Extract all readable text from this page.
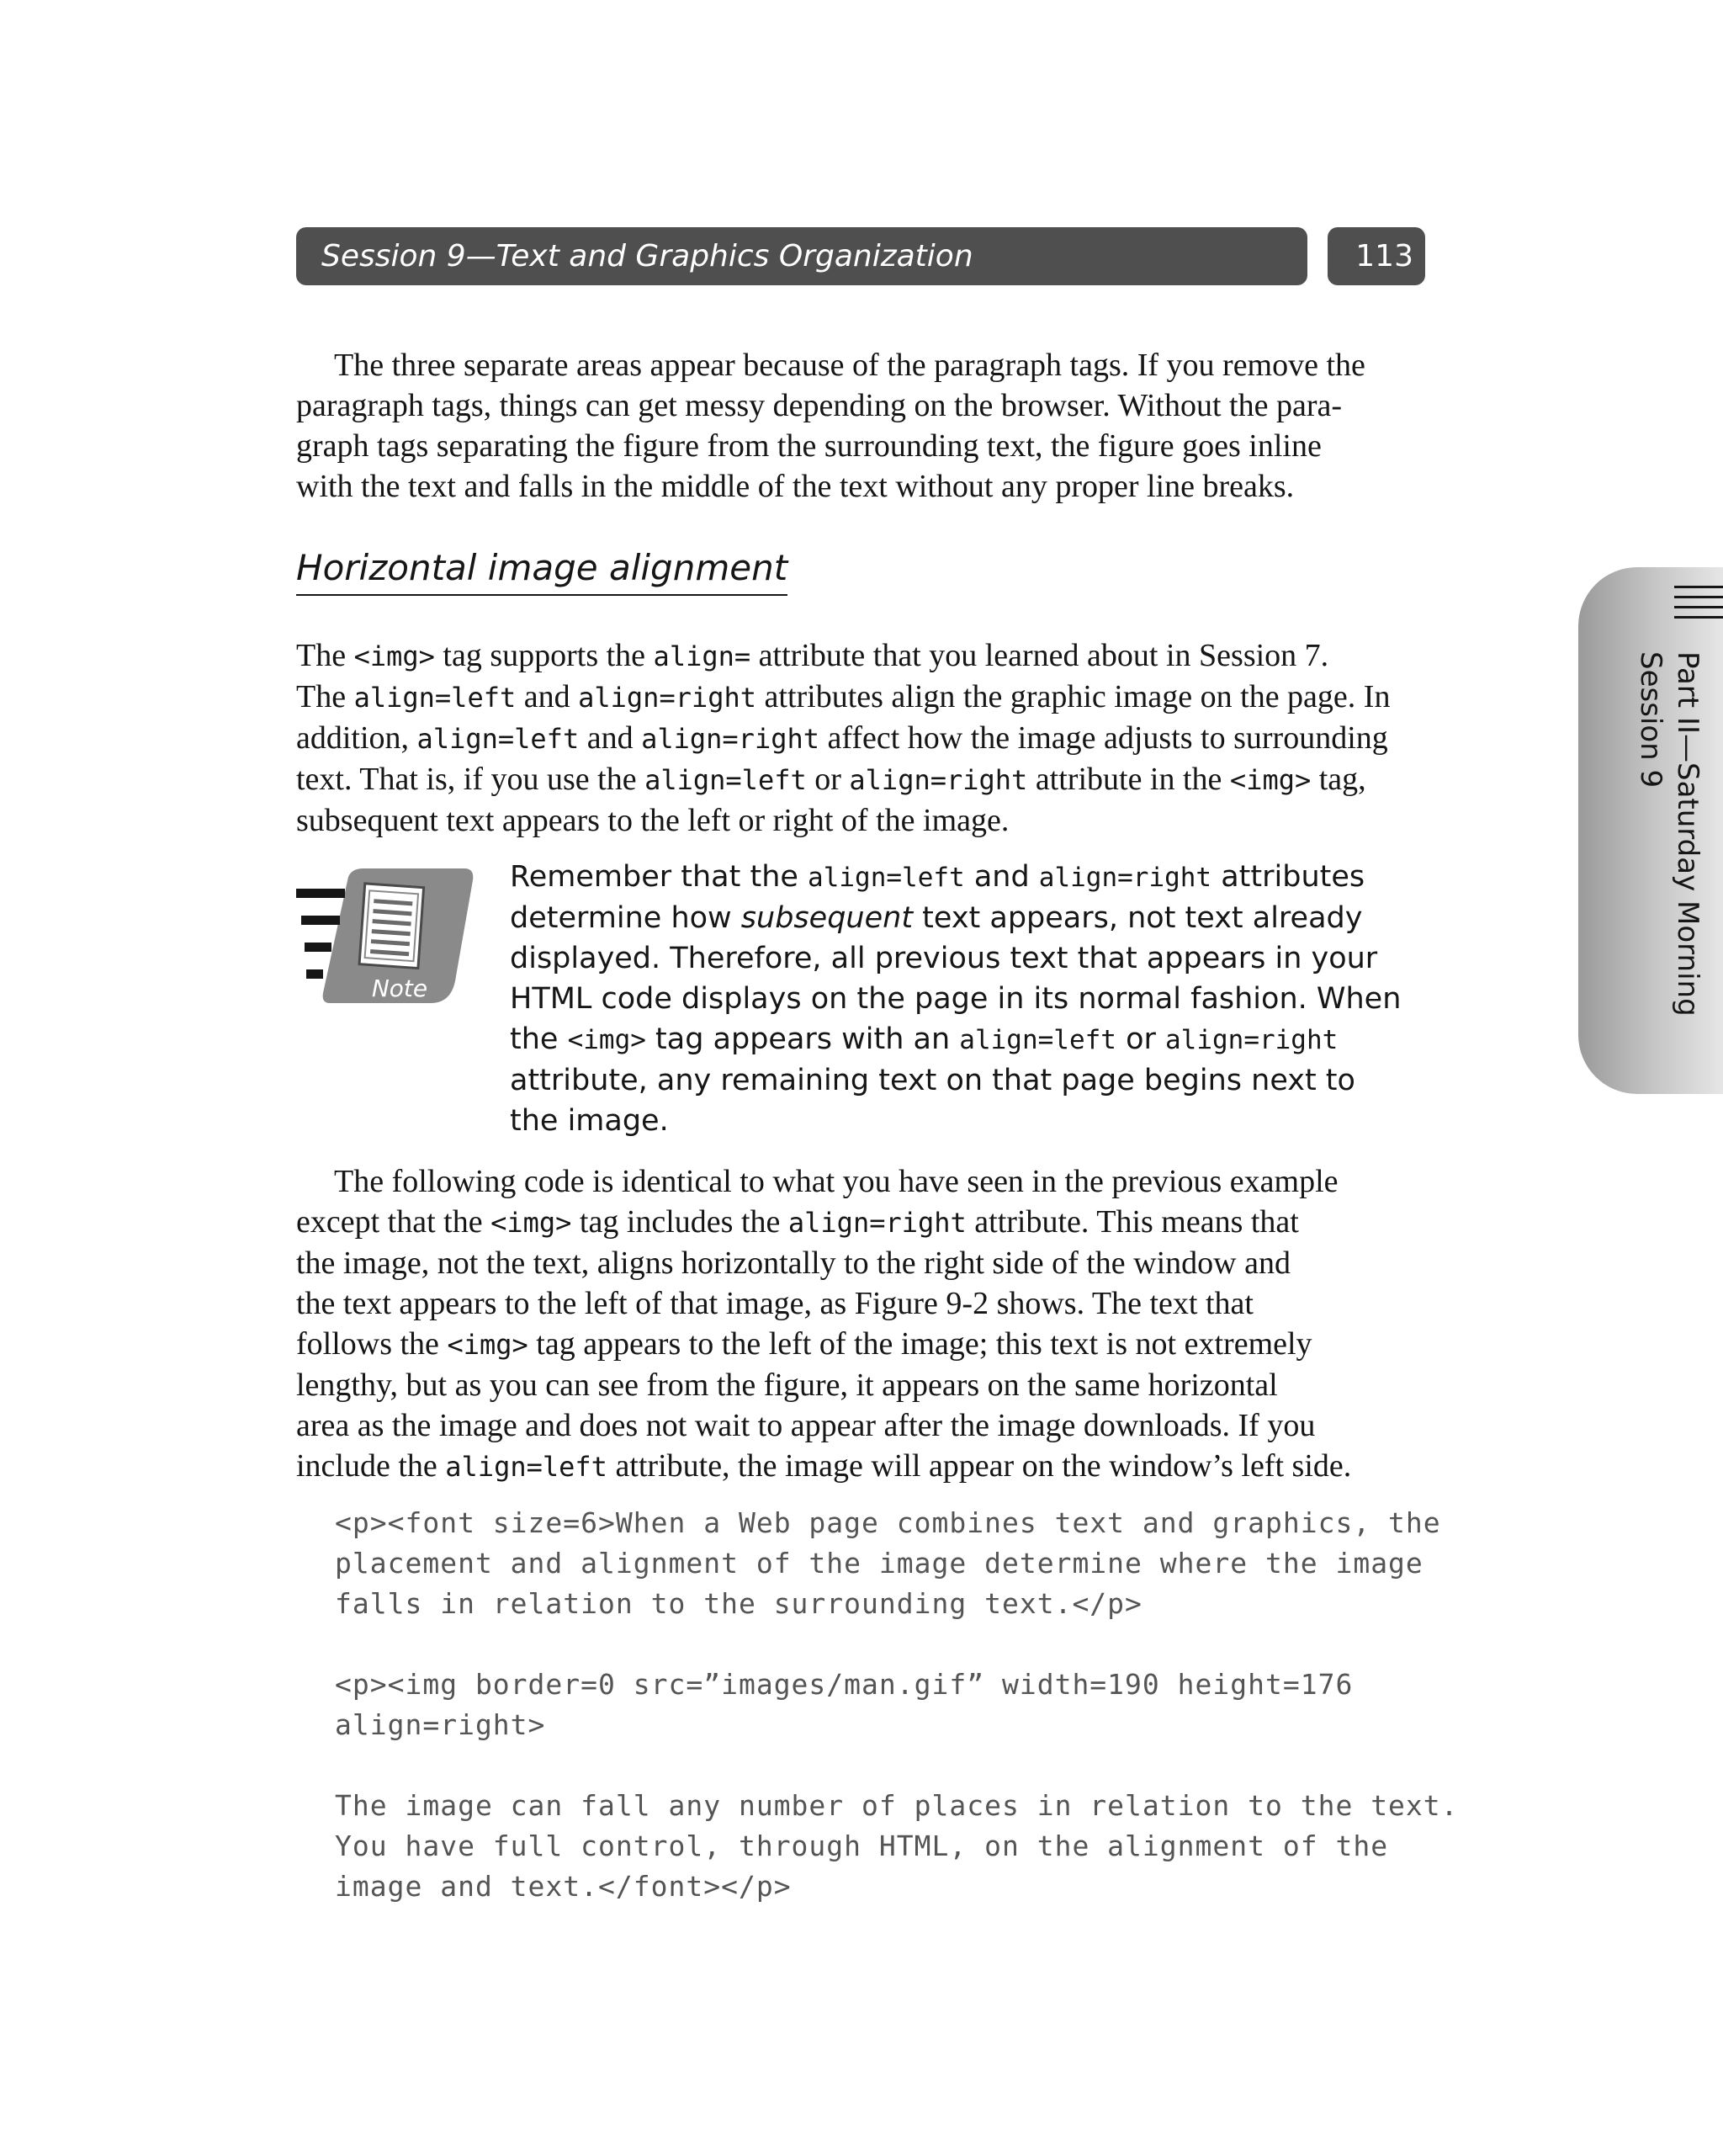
Session 9—Text and Graphics Organization	113
The three separate areas appear because of the paragraph tags. If you remove the
paragraph tags, things can get messy depending on the browser. Without the para-
graph tags separating the figure from the surrounding text, the figure goes inline
with the text and falls in the middle of the text without any proper line breaks.
Horizontal image alignment
The <img> tag supports the align= attribute that you learned about in Session 7.
The align=left and align=right attributes align the graphic image on the page. In
addition, align=left and align=right affect how the image adjusts to surrounding
text. That is, if you use the align=left or align=right attribute in the <img> tag,
subsequent text appears to the left or right of the image.
Note
Remember that the align=left and align=right attributes
determine how subsequent text appears, not text already
displayed. Therefore, all previous text that appears in your
HTML code displays on the page in its normal fashion. When
the <img> tag appears with an align=left or align=right
attribute, any remaining text on that page begins next to
the image.
The following code is identical to what you have seen in the previous example
except that the <img> tag includes the align=right attribute. This means that
the image, not the text, aligns horizontally to the right side of the window and
the text appears to the left of that image, as Figure 9-2 shows. The text that
follows the <img> tag appears to the left of the image; this text is not extremely
lengthy, but as you can see from the figure, it appears on the same horizontal
area as the image and does not wait to appear after the image downloads. If you
include the align=left attribute, the image will appear on the window’s left side.
<p><font size=6>When a Web page combines text and graphics, the
placement and alignment of the image determine where the image
falls in relation to the surrounding text.</p>
<p><img border=0 src=”images/man.gif” width=190 height=176
align=right>
The image can fall any number of places in relation to the text.
You have full control, through HTML, on the alignment of the
image and text.</font></p>
Part II—Saturday Morning
Session 9
